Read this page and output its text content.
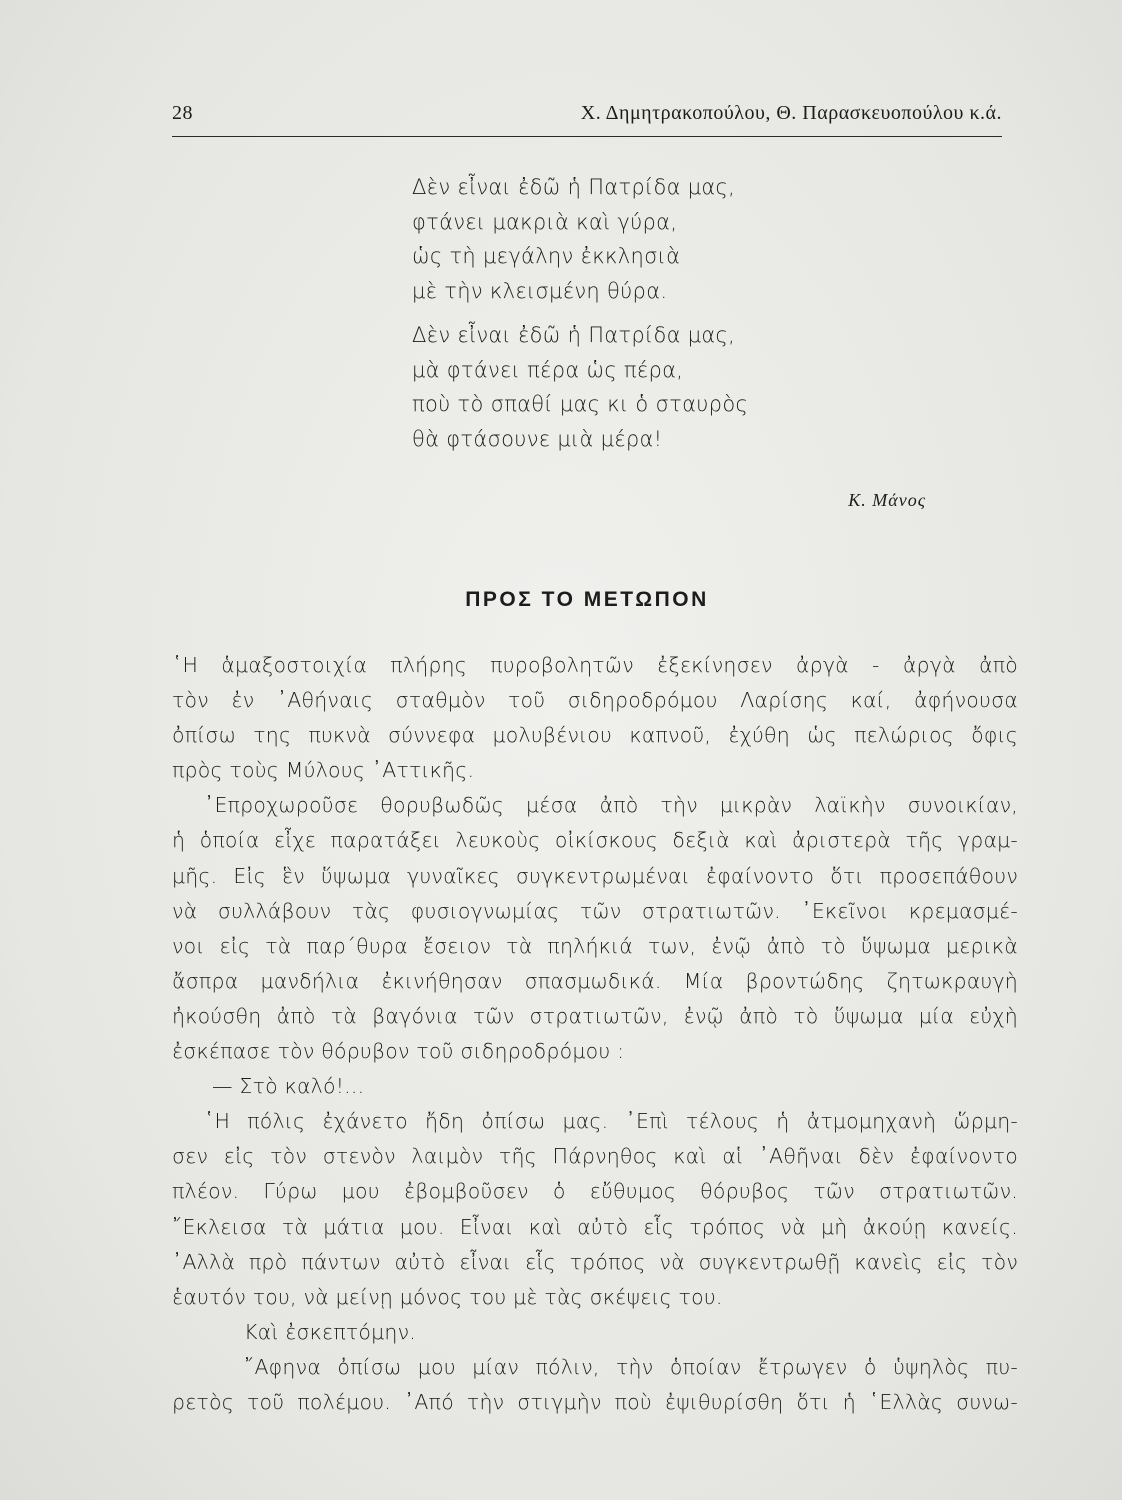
28	Χ. Δημητρακοπούλου, Θ. Παρασκευοπούλου κ.ά.
Δὲν εἶναι ἐδῶ ἡ Πατρίδα μας,
φτάνει μακριὰ καὶ γύρα,
ὡς τὴ μεγάλην ἐκκλησιὰ
μὲ τὴν κλεισμένη θύρα.
Δὲν εἶναι ἐδῶ ἡ Πατρίδα μας,
μὰ φτάνει πέρα ὡς πέρα,
ποὺ τὸ σπαθί μας κι ὁ σταυρὸς
θὰ φτάσουνε μιὰ μέρα!
Κ. Μάνος
ΠΡΟΣ ΤΟ ΜΕΤΩΠΟΝ
῾Η ἁμαξοστοιχία πλήρης πυροβολητῶν ἐξεκίνησεν ἀργὰ - ἀργὰ ἀπὸ
τὸν ἐν ᾿Αθήναις σταθμὸν τοῦ σιδηροδρόμου Λαρίσης καί, ἀφήνουσα
ὀπίσω της πυκνὰ σύννεφα μολυβένιου καπνοῦ, ἐχύθη ὡς πελώριος ὄφις
πρὸς τοὺς Μύλους ᾿Αττικῆς.
᾿Επροχωροῦσε θορυβωδῶς μέσα ἀπὸ τὴν μικρὰν λαϊκὴν συνοικίαν,
ἡ ὁποία εἶχε παρατάξει λευκοὺς οἰκίσκους δεξιὰ καὶ ἀριστερὰ τῆς γραμ-
μῆς. Εἰς ἓν ὕψωμα γυναῖκες συγκεντρωμέναι ἐφαίνοντο ὅτι προσεπάθουν
νὰ συλλάβουν τὰς φυσιογνωμίας τῶν στρατιωτῶν. ᾿Εκεῖνοι κρεμασμέ-
νοι εἰς τὰ παρ΄θυρα ἔσειον τὰ πηλήκιά των, ἐνῷ ἀπὸ τὸ ὕψωμα μερικὰ
ἄσπρα μανδήλια ἐκινήθησαν σπασμωδικά. Μία βροντώδης ζητωκραυγὴ
ἠκούσθη ἀπὸ τὰ βαγόνια τῶν στρατιωτῶν, ἐνῷ ἀπὸ τὸ ὕψωμα μία εὐχὴ
ἐσκέπασε τὸν θόρυβον τοῦ σιδηροδρόμου :
— Στὸ καλό!...
῾Η πόλις ἐχάνετο ἤδη ὀπίσω μας. ᾿Επὶ τέλους ἡ ἀτμομηχανὴ ὥρμη-
σεν εἰς τὸν στενὸν λαιμὸν τῆς Πάρνηθος καὶ αἱ ᾿Αθῆναι δὲν ἐφαίνοντο
πλέον. Γύρω μου ἐβομβοῦσεν ὁ εὔθυμος θόρυβος τῶν στρατιωτῶν.
῎Εκλεισα τὰ μάτια μου. Εἶναι καὶ αὐτὸ εἷς τρόπος νὰ μὴ ἀκούῃ κανείς.
᾿Αλλὰ πρὸ πάντων αὐτὸ εἶναι εἷς τρόπος νὰ συγκεντρωθῇ κανεὶς εἰς τὸν
ἑαυτόν του, νὰ μείνῃ μόνος του μὲ τὰς σκέψεις του.
Καὶ ἐσκεπτόμην.
῎Αφηνα ὀπίσω μου μίαν πόλιν, τὴν ὁποίαν ἔτρωγεν ὁ ὑψηλὸς πυ-
ρετὸς τοῦ πολέμου. ᾿Από τὴν στιγμὴν ποὺ ἐψιθυρίσθη ὅτι ἡ ῾Ελλὰς συνω-
